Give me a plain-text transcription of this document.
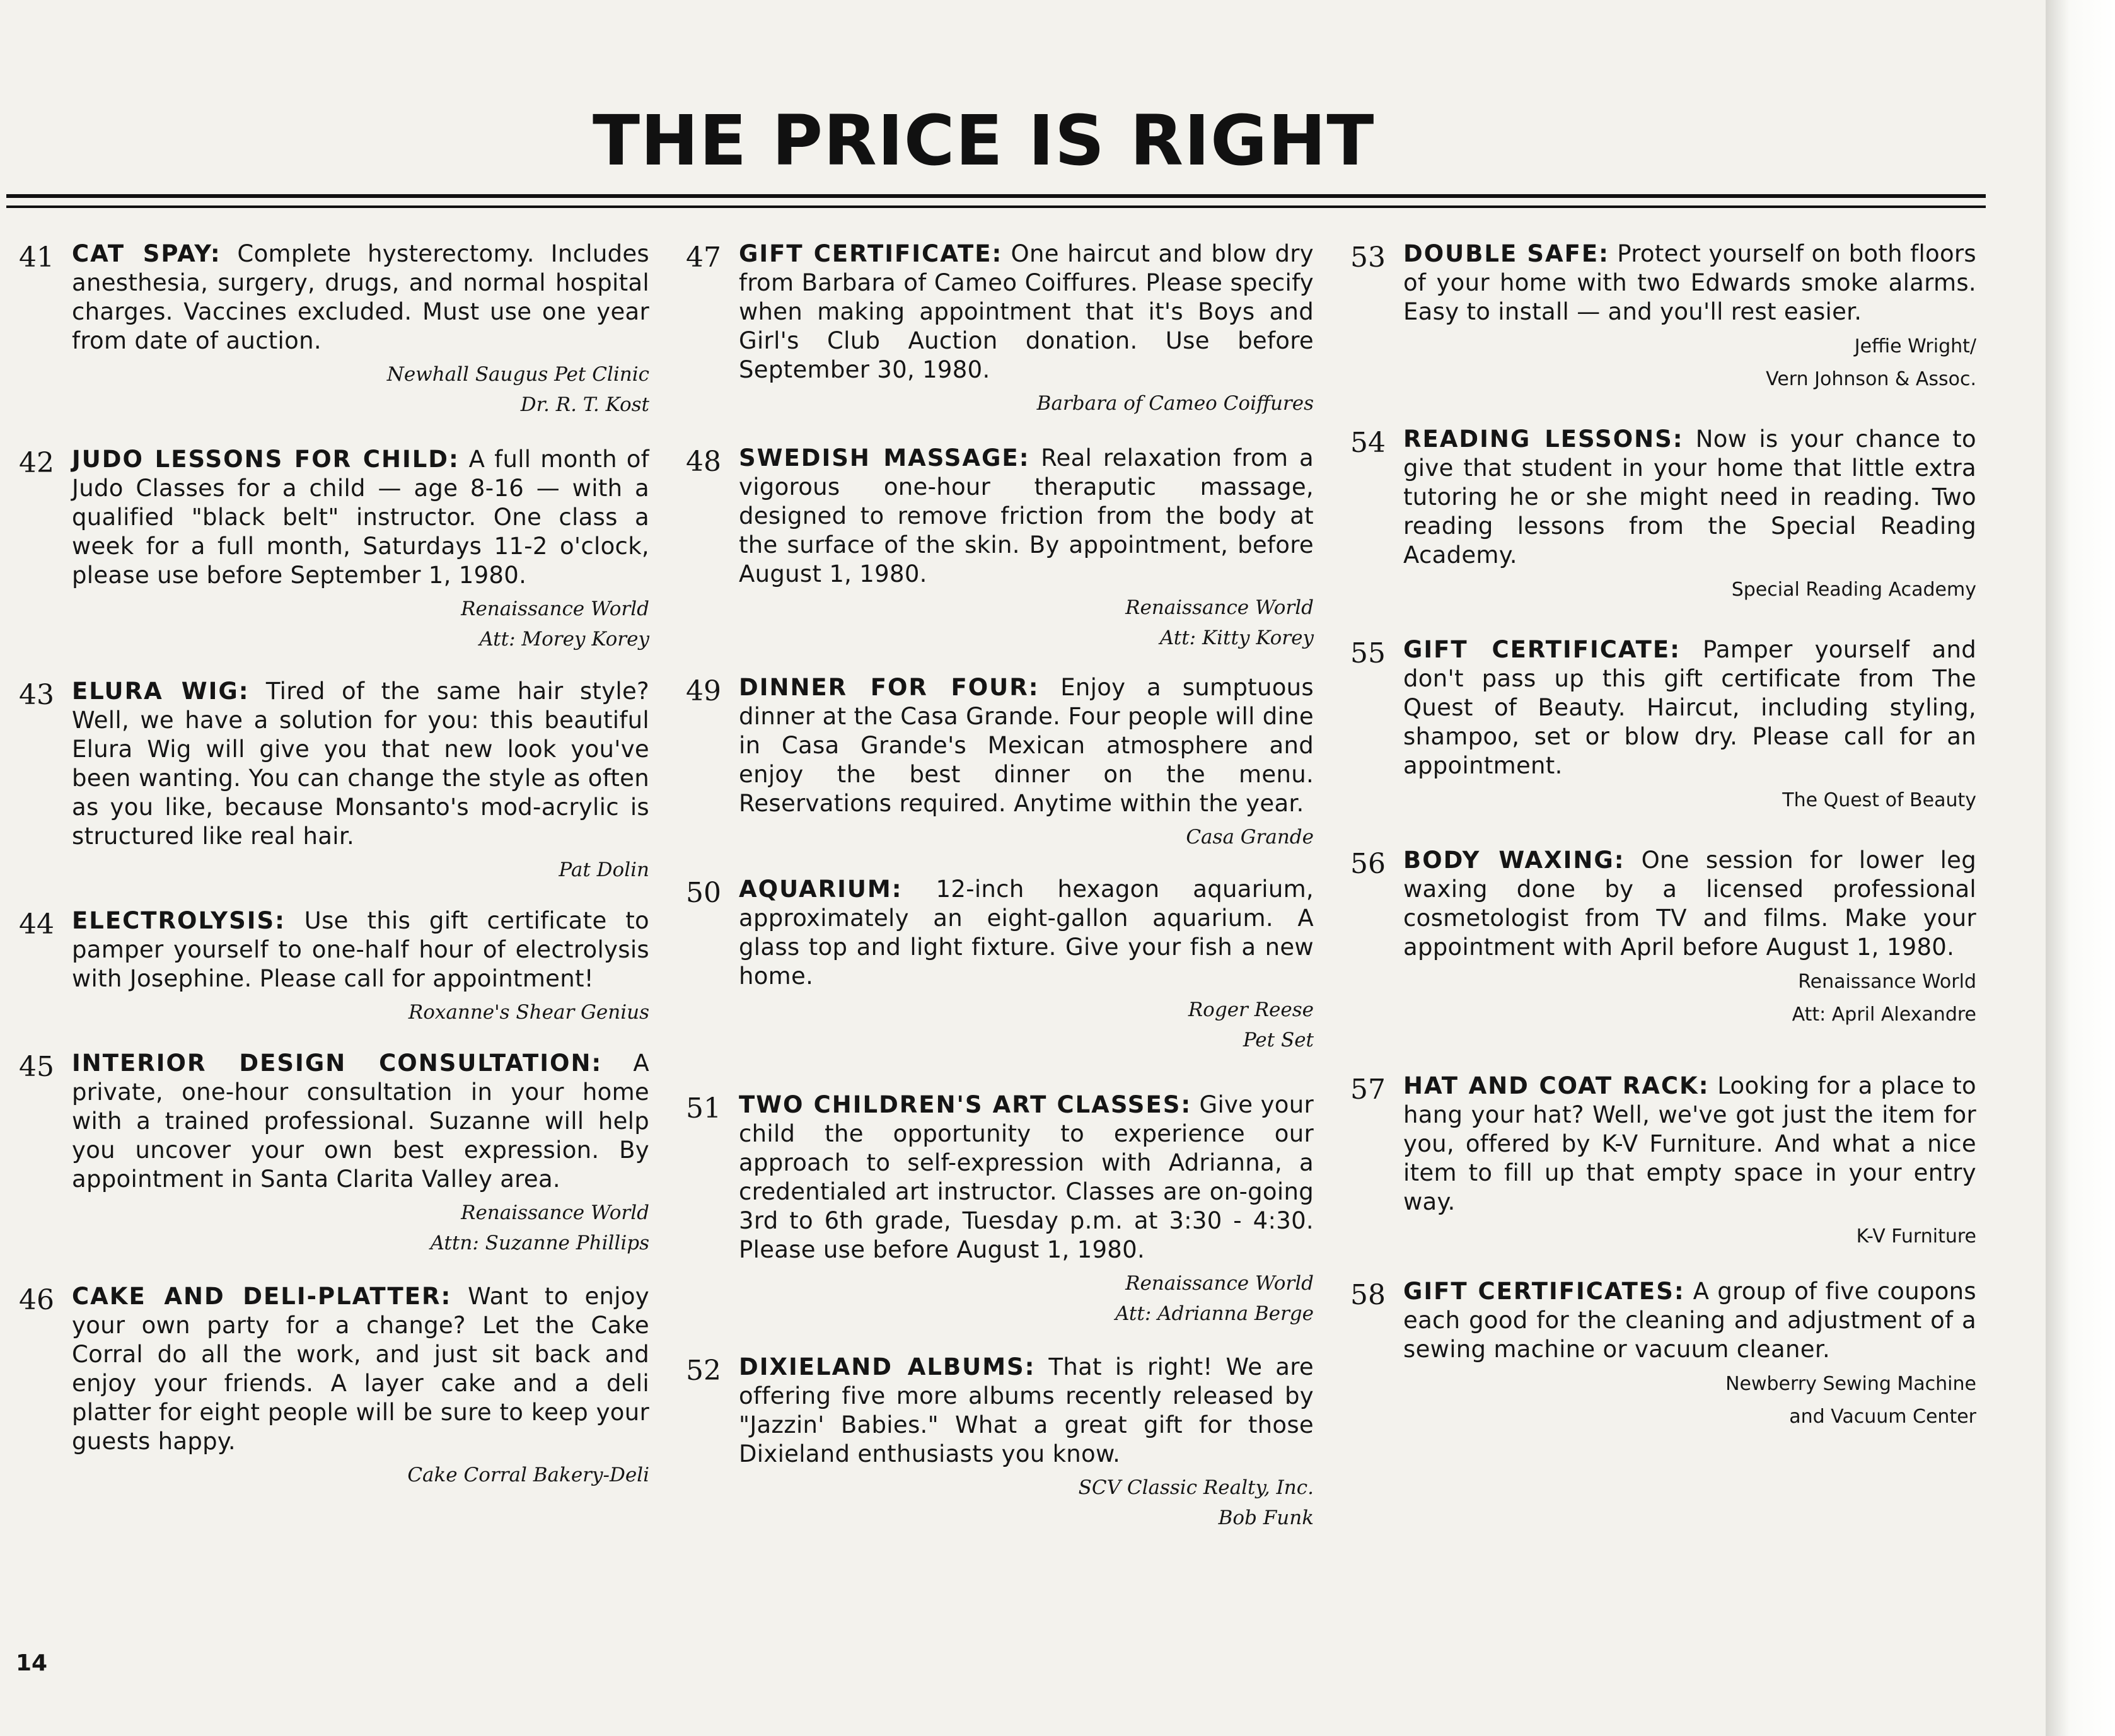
THE PRICE IS RIGHT
41 CAT SPAY: Complete hysterectomy. Includes anesthesia, surgery, drugs, and normal hospital charges. Vaccines excluded. Must use one year from date of auction.

Newhall Saugus Pet Clinic
Dr. R. T. Kost
42 JUDO LESSONS FOR CHILD: A full month of Judo Classes for a child — age 8-16 — with a qualified "black belt" instructor. One class a week for a full month, Saturdays 11-2 o'clock, please use before September 1, 1980.

Renaissance World
Att: Morey Korey
43 ELURA WIG: Tired of the same hair style? Well, we have a solution for you: this beautiful Elura Wig will give you that new look you've been wanting. You can change the style as often as you like, because Monsanto's mod-acrylic is structured like real hair.

Pat Dolin
44 ELECTROLYSIS: Use this gift certificate to pamper yourself to one-half hour of electrolysis with Josephine. Please call for appointment!

Roxanne's Shear Genius
45 INTERIOR DESIGN CONSULTATION: A private, one-hour consultation in your home with a trained professional. Suzanne will help you uncover your own best expression. By appointment in Santa Clarita Valley area.

Renaissance World
Attn: Suzanne Phillips
46 CAKE AND DELI-PLATTER: Want to enjoy your own party for a change? Let the Cake Corral do all the work, and just sit back and enjoy your friends. A layer cake and a deli platter for eight people will be sure to keep your guests happy.

Cake Corral Bakery-Deli
47 GIFT CERTIFICATE: One haircut and blow dry from Barbara of Cameo Coiffures. Please specify when making appointment that it's Boys and Girl's Club Auction donation. Use before September 30, 1980.

Barbara of Cameo Coiffures
48 SWEDISH MASSAGE: Real relaxation from a vigorous one-hour theraputic massage, designed to remove friction from the body at the surface of the skin. By appointment, before August 1, 1980.

Renaissance World
Att: Kitty Korey
49 DINNER FOR FOUR: Enjoy a sumptuous dinner at the Casa Grande. Four people will dine in Casa Grande's Mexican atmosphere and enjoy the best dinner on the menu. Reservations required. Anytime within the year.

Casa Grande
50 AQUARIUM: 12-inch hexagon aquarium, approximately an eight-gallon aquarium. A glass top and light fixture. Give your fish a new home.

Roger Reese
Pet Set
51 TWO CHILDREN'S ART CLASSES: Give your child the opportunity to experience our approach to self-expression with Adrianna, a credentialed art instructor. Classes are on-going 3rd to 6th grade, Tuesday p.m. at 3:30 - 4:30. Please use before August 1, 1980.

Renaissance World
Att: Adrianna Berge
52 DIXIELAND ALBUMS: That is right! We are offering five more albums recently released by "Jazzin' Babies." What a great gift for those Dixieland enthusiasts you know.

SCV Classic Realty, Inc.
Bob Funk
53 DOUBLE SAFE: Protect yourself on both floors of your home with two Edwards smoke alarms. Easy to install — and you'll rest easier.

Jeffie Wright/
Vern Johnson & Assoc.
54 READING LESSONS: Now is your chance to give that student in your home that little extra tutoring he or she might need in reading. Two reading lessons from the Special Reading Academy.

Special Reading Academy
55 GIFT CERTIFICATE: Pamper yourself and don't pass up this gift certificate from The Quest of Beauty. Haircut, including styling, shampoo, set or blow dry. Please call for an appointment.

The Quest of Beauty
56 BODY WAXING: One session for lower leg waxing done by a licensed professional cosmetologist from TV and films. Make your appointment with April before August 1, 1980.

Renaissance World
Att: April Alexandre
57 HAT AND COAT RACK: Looking for a place to hang your hat? Well, we've got just the item for you, offered by K-V Furniture. And what a nice item to fill up that empty space in your entry way.

K-V Furniture
58 GIFT CERTIFICATES: A group of five coupons each good for the cleaning and adjustment of a sewing machine or vacuum cleaner.

Newberry Sewing Machine
and Vacuum Center
14
